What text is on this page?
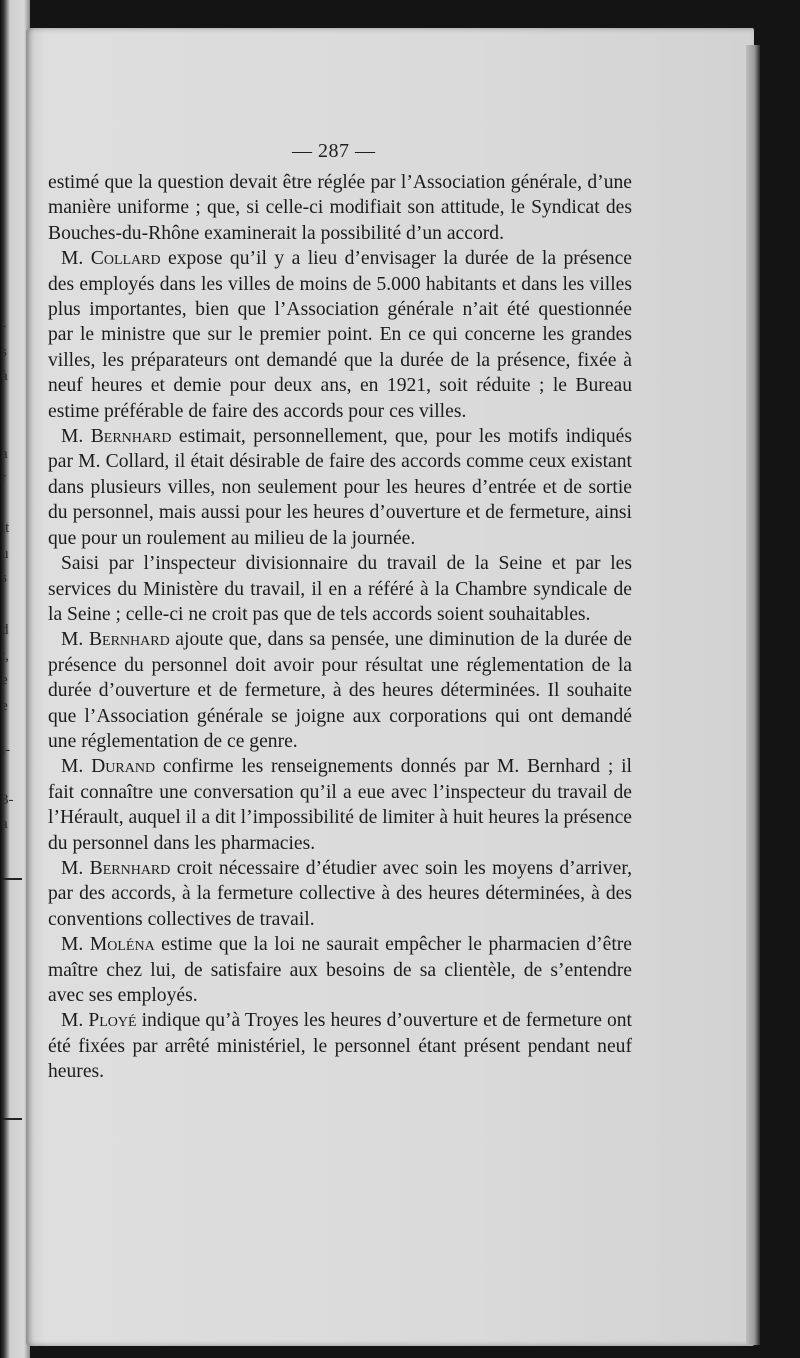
-
s
à
.
a
r
it
u
s
d
t,
e
e
ı-
3-
a
— 287 —

estimé que la question devait être réglée par l’Association générale, d’une manière uniforme ; que, si celle-ci modifiait son attitude, le Syndicat des Bouches-du-Rhône examinerait la possibilité d’un accord.

M. Collard expose qu’il y a lieu d’envisager la durée de la présence des employés dans les villes de moins de 5.000 habitants et dans les villes plus importantes, bien que l’Association générale n’ait été questionnée par le ministre que sur le premier point. En ce qui concerne les grandes villes, les préparateurs ont demandé que la durée de la présence, fixée à neuf heures et demie pour deux ans, en 1921, soit réduite ; le Bureau estime préférable de faire des accords pour ces villes.

M. Bernhard estimait, personnellement, que, pour les motifs indiqués par M. Collard, il était désirable de faire des accords comme ceux existant dans plusieurs villes, non seulement pour les heures d’entrée et de sortie du personnel, mais aussi pour les heures d’ouverture et de fermeture, ainsi que pour un roulement au milieu de la journée.

Saisi par l’inspecteur divisionnaire du travail de la Seine et par les services du Ministère du travail, il en a référé à la Chambre syndicale de la Seine ; celle-ci ne croit pas que de tels accords soient souhaitables.

M. Bernhard ajoute que, dans sa pensée, une diminution de la durée de présence du personnel doit avoir pour résultat une réglementation de la durée d’ouverture et de fermeture, à des heures déterminées. Il souhaite que l’Association générale se joigne aux corporations qui ont demandé une réglementation de ce genre.

M. Durand confirme les renseignements donnés par M. Bernhard ; il fait connaître une conversation qu’il a eue avec l’inspecteur du travail de l’Hérault, auquel il a dit l’impossibilité de limiter à huit heures la présence du personnel dans les pharmacies.

M. Bernhard croit nécessaire d’étudier avec soin les moyens d’arriver, par des accords, à la fermeture collective à des heures déterminées, à des conventions collectives de travail.

M. Moléna estime que la loi ne saurait empêcher le pharmacien d’être maître chez lui, de satisfaire aux besoins de sa clientèle, de s’entendre avec ses employés.

M. Ployé indique qu’à Troyes les heures d’ouverture et de fermeture ont été fixées par arrêté ministériel, le personnel étant présent pendant neuf heures.
